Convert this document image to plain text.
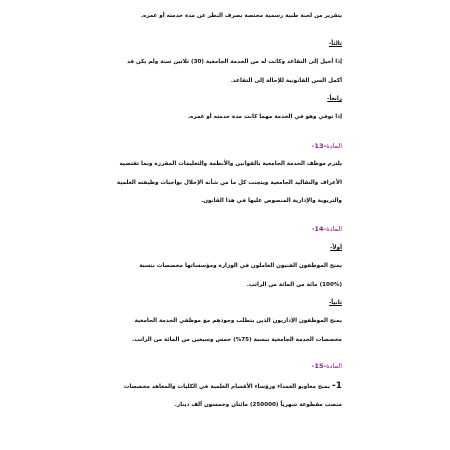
بتقرير من لجنة طبية رسمية مختصة بصرف النظر عن مدة خدمته أو عمره.
ثالثاً-
إذا أحيل إلى التقاعد وكانت له من الخدمة الجامعية (30) ثلاثين سنة ولم يكن قد
أكمل السن القانونية للإحالة إلى التقاعد.
رابعاً-
إذا توفي وهو في الخدمة مهما كانت مدة خدمته أو عمره.
المادة-13-
يلتزم موظف الخدمة الجامعية بالقوانين والأنظمة والتعليمات المقررة وبما تقتضيه
الأعراف والتقاليد الجامعية ويتجنب كل ما من شأنه الإخلال بواجبات وظيفته العلمية
والتربوية والإدارية المنصوص عليها في هذا القانون.
المادة-14-
أولاً-
يمنح الموظفون الفنيون العاملون في الوزارة ومؤسساتها مخصصات بنسبة
(100%) مائة من المائة من الراتب.
ثانياً-
يمنح الموظفون الإداريون الذين يتطلب وجودهم مع موظفي الخدمة الجامعية
مخصصات الخدمة الجامعية بنسبة (75%) خمس وسبعين من المائة من الراتب.
المادة-15-
1- يمنح معاونو العمداء ورؤساء الأقسام العلمية في الكليات والمعاهد مخصصات
منصب مقطوعة شهرياً (250000) مائتان وخمسون ألف دينار.
